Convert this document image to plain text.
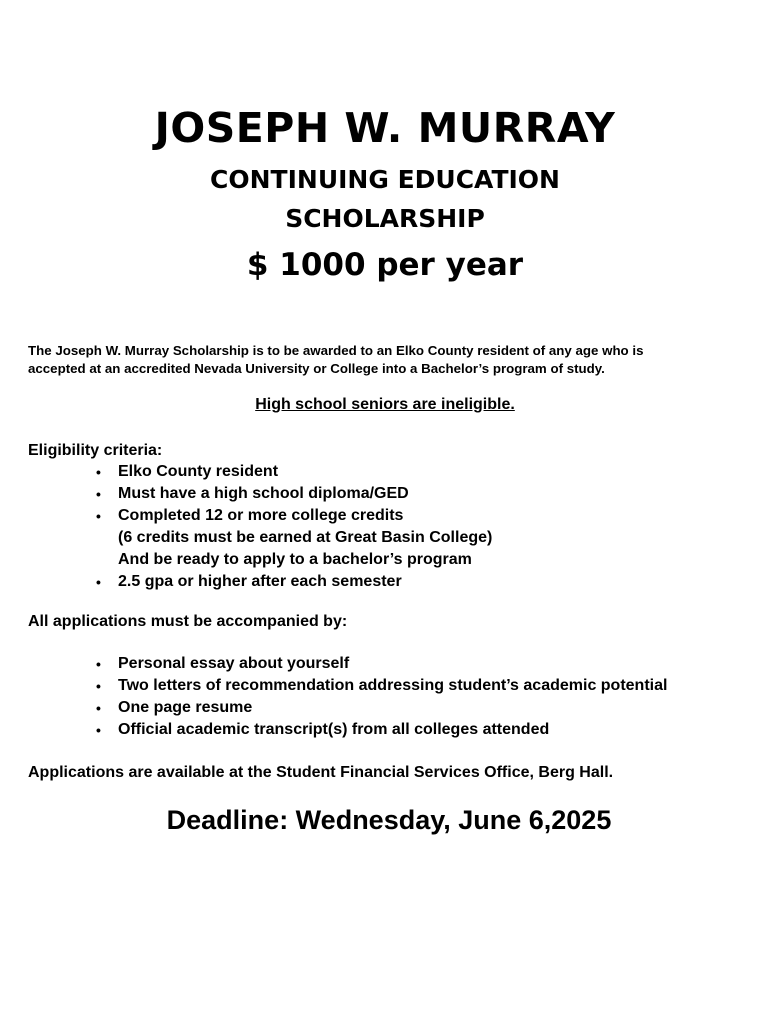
JOSEPH W. MURRAY
CONTINUING EDUCATION
SCHOLARSHIP
$ 1000 per year
The Joseph W. Murray Scholarship is to be awarded to an Elko County resident of any age who is
accepted at an accredited Nevada University or College into a Bachelor’s program of study.
High school seniors are ineligible.
Eligibility criteria:
• Elko County resident
• Must have a high school diploma/GED
• Completed 12 or more college credits
(6 credits must be earned at Great Basin College)
And be ready to apply to a bachelor’s program
• 2.5 gpa or higher after each semester
All applications must be accompanied by:
• Personal essay about yourself
• Two letters of recommendation addressing student’s academic potential
• One page resume
• Official academic transcript(s) from all colleges attended
Applications are available at the Student Financial Services Office, Berg Hall.
Deadline: Wednesday, June 6,2025
